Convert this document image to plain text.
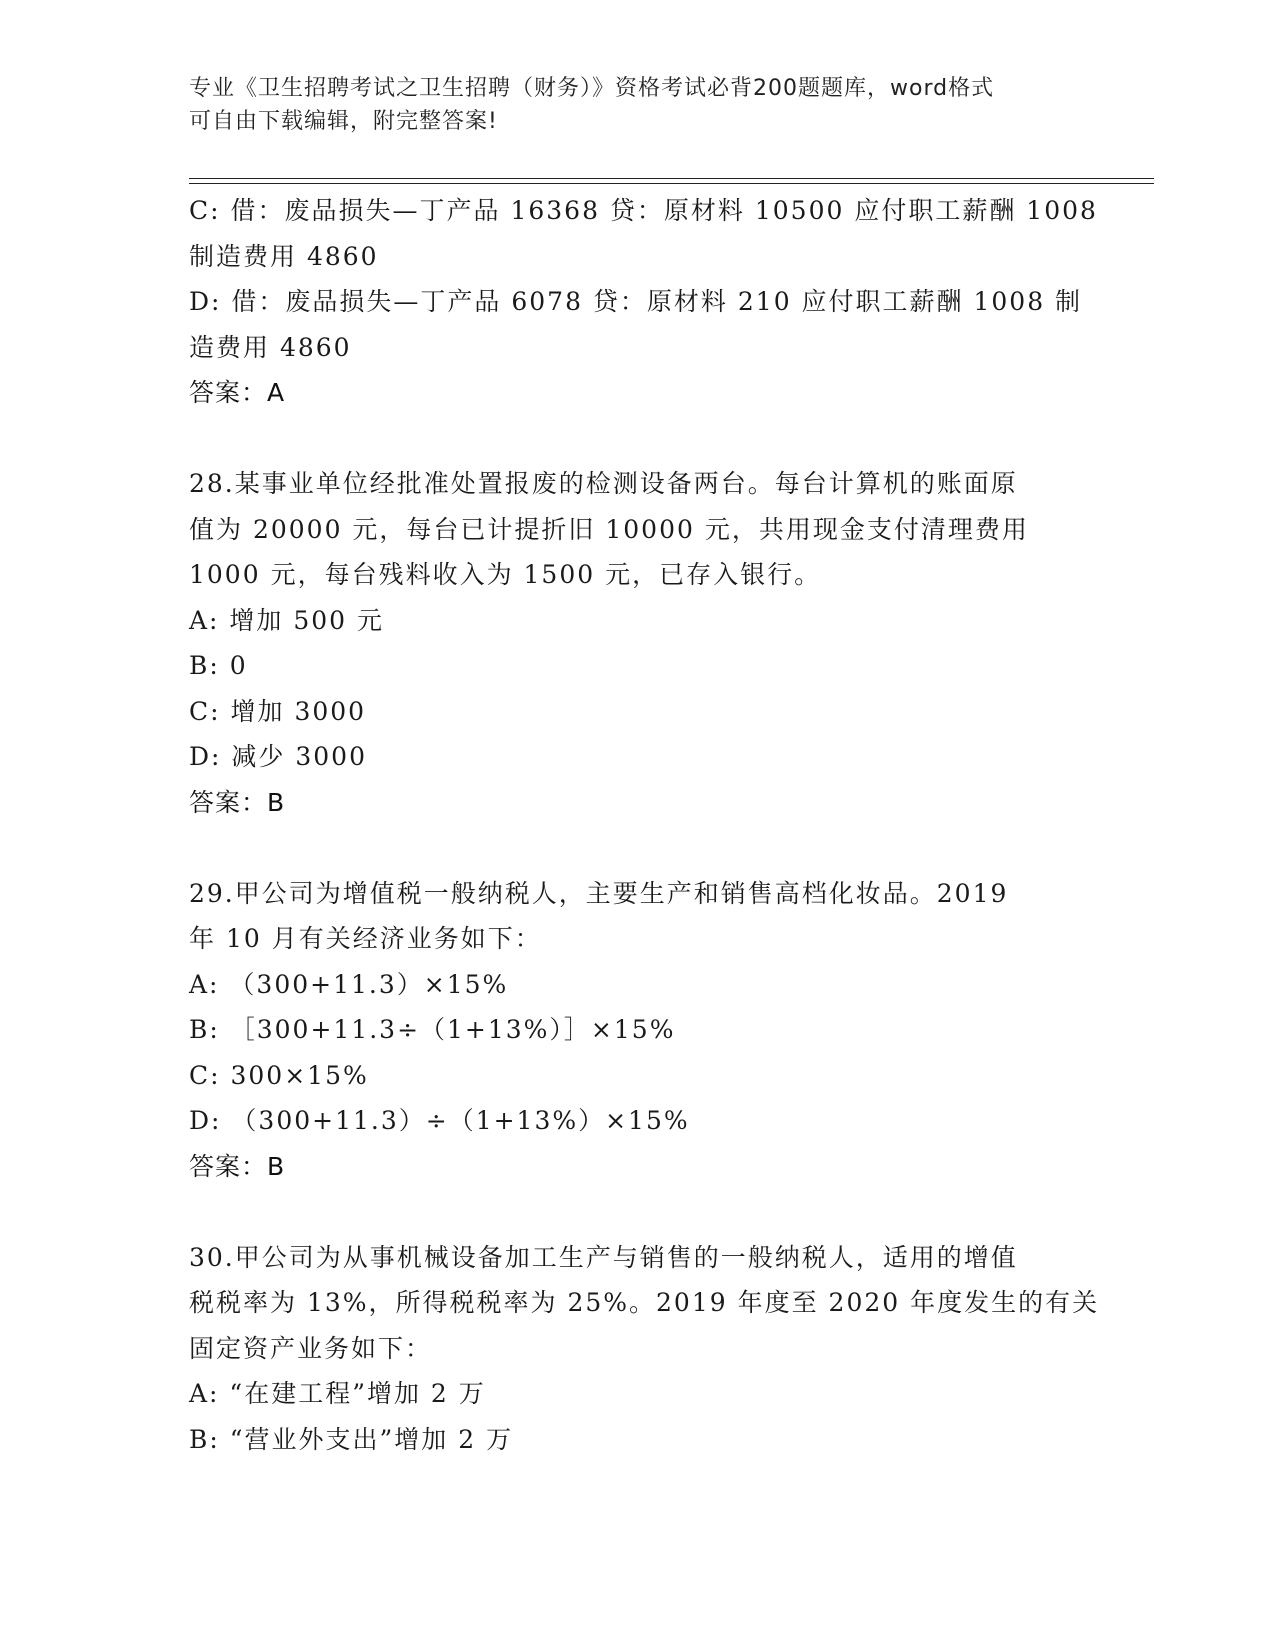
专业《卫生招聘考试之卫生招聘（财务）》资格考试必背200题题库，word格式
可自由下载编辑，附完整答案!
C: 借：废品损失—丁产品 16368 贷：原材料 10500 应付职工薪酬 1008
制造费用 4860
D: 借：废品损失—丁产品 6078 贷：原材料 210 应付职工薪酬 1008 制
造费用 4860
答案：A
28.某事业单位经批准处置报废的检测设备两台。每台计算机的账面原
值为 20000 元，每台已计提折旧 10000 元，共用现金支付清理费用
1000 元，每台残料收入为 1500 元，已存入银行。
A: 增加 500 元
B: 0
C: 增加 3000
D: 减少 3000
答案：B
29.甲公司为增值税一般纳税人，主要生产和销售高档化妆品。2019
年 10 月有关经济业务如下：
A: （300+11.3）×15%
B: ［300+11.3÷（1+13%）］×15%
C: 300×15%
D: （300+11.3）÷（1+13%）×15%
答案：B
30.甲公司为从事机械设备加工生产与销售的一般纳税人，适用的增值
税税率为 13%，所得税税率为 25%。2019 年度至 2020 年度发生的有关
固定资产业务如下：
A: “在建工程”增加 2 万
B: “营业外支出”增加 2 万
